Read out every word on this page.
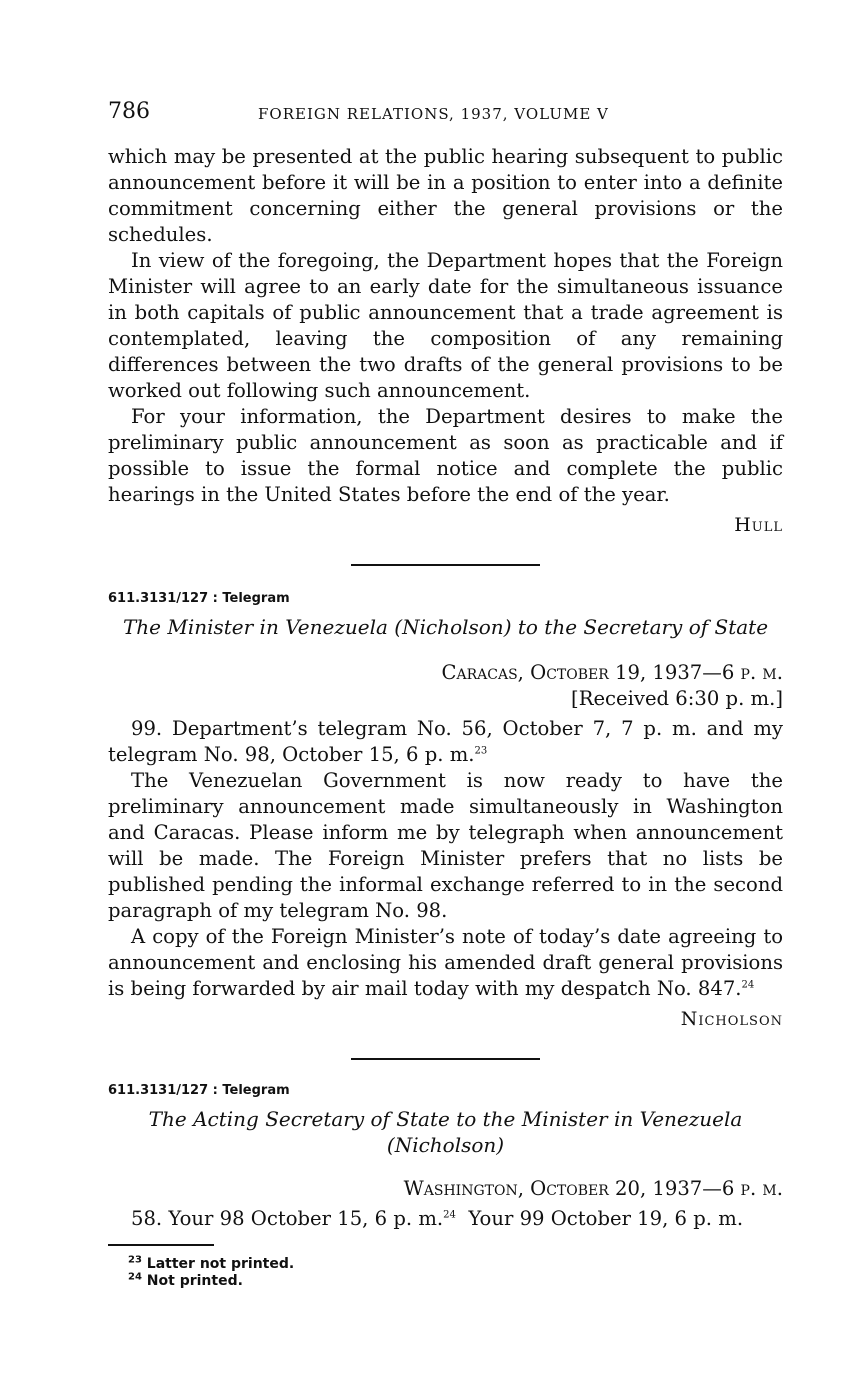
786	FOREIGN RELATIONS, 1937, VOLUME V

which may be presented at the public hearing subsequent to public announcement before it will be in a position to enter into a definite commitment concerning either the general provisions or the schedules.

In view of the foregoing, the Department hopes that the Foreign Minister will agree to an early date for the simultaneous issuance in both capitals of public announcement that a trade agreement is contemplated, leaving the composition of any remaining differences between the two drafts of the general provisions to be worked out following such announcement.

For your information, the Department desires to make the preliminary public announcement as soon as practicable and if possible to issue the formal notice and complete the public hearings in the United States before the end of the year.

Hull
611.3131/127 : Telegram

The Minister in Venezuela (Nicholson) to the Secretary of State

Caracas, October 19, 1937—6 p. m.

[Received 6:30 p. m.]

99. Department’s telegram No. 56, October 7, 7 p. m. and my telegram No. 98, October 15, 6 p. m.$^{23}$

The Venezuelan Government is now ready to have the preliminary announcement made simultaneously in Washington and Caracas. Please inform me by telegraph when announcement will be made. The Foreign Minister prefers that no lists be published pending the informal exchange referred to in the second paragraph of my telegram No. 98.

A copy of the Foreign Minister’s note of today’s date agreeing to announcement and enclosing his amended draft general provisions is being forwarded by air mail today with my despatch No. 847.24

Nicholson
611.3131/127 : Telegram

The Acting Secretary of State to the Minister in Venezuela

(Nicholson)

Washington, October 20, 1937—6 p. m.

58. Your 98 October 15, 6 p. m.$^{24}$ Your 99 October 19, 6 p. m.

$^{23}$ Latter not printed.
$^{24}$ Not printed.
